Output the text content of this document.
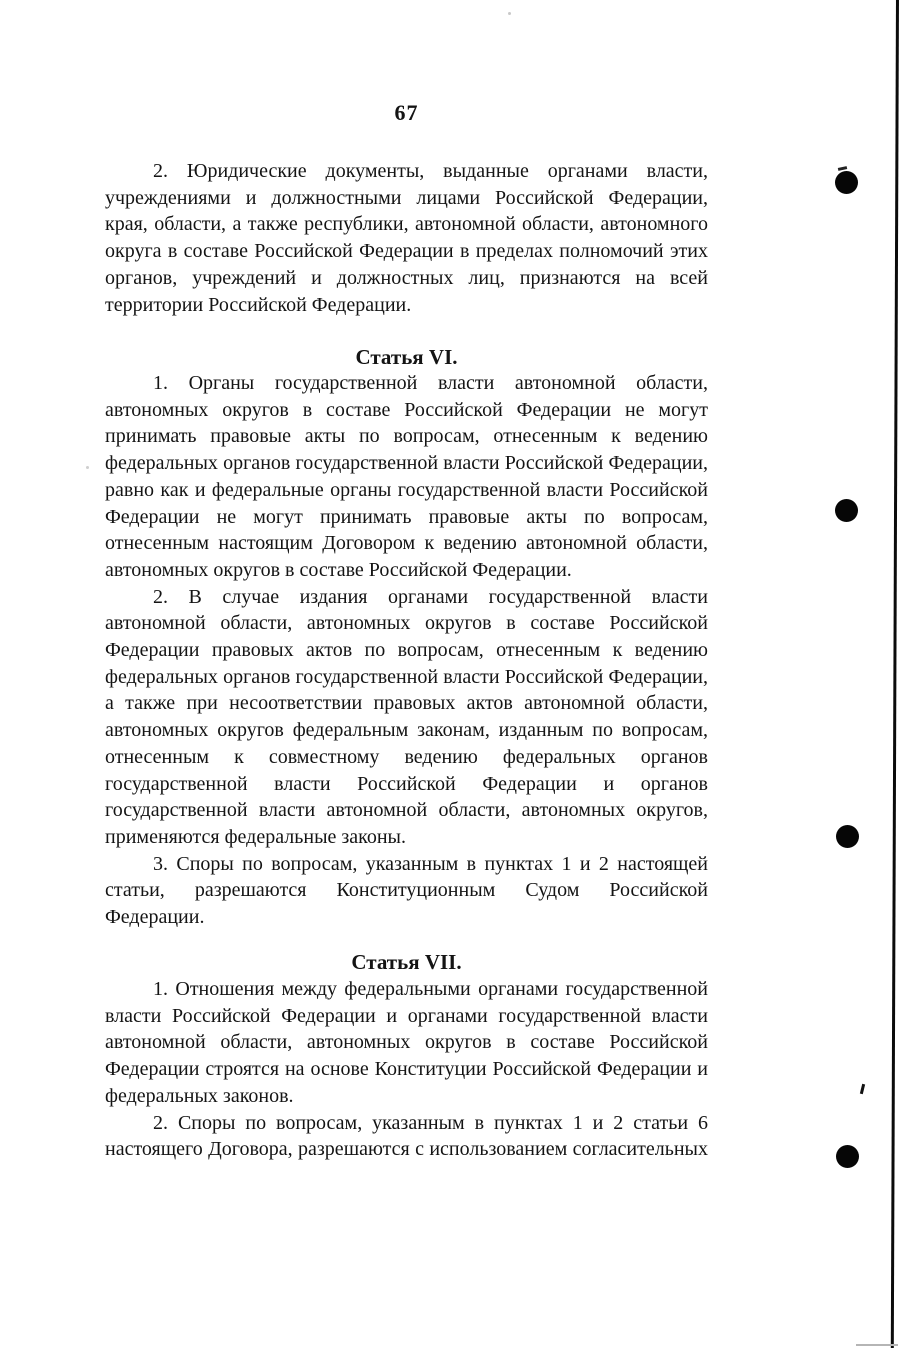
67
2. Юридические документы, выданные органами власти,
учреждениями и должностными лицами Российской Федерации,
края, области, а также республики, автономной области, автономного
округа в составе Российской Федерации в пределах полномочий этих
органов, учреждений и должностных лиц, признаются на всей
территории Российской Федерации.
Статья VI.
1. Органы государственной власти автономной области,
автономных округов в составе Российской Федерации не могут
принимать правовые акты по вопросам, отнесенным к ведению
федеральных органов государственной власти Российской Федерации,
равно как и федеральные органы государственной власти Российской
Федерации не могут принимать правовые акты по вопросам,
отнесенным настоящим Договором к ведению автономной области,
автономных округов в составе Российской Федерации.
2. В случае издания органами государственной власти
автономной области, автономных округов в составе Российской
Федерации правовых актов по вопросам, отнесенным к ведению
федеральных органов государственной власти Российской Федерации,
а также при несоответствии правовых актов автономной области,
автономных округов федеральным законам, изданным по вопросам,
отнесенным к совместному ведению федеральных органов
государственной власти Российской Федерации и органов
государственной власти автономной области, автономных округов,
применяются федеральные законы.
3. Споры по вопросам, указанным в пунктах 1 и 2 настоящей
статьи, разрешаются Конституционным Судом Российской
Федерации.
Статья VII.
1. Отношения между федеральными органами государственной
власти Российской Федерации и органами государственной власти
автономной области, автономных округов в составе Российской
Федерации строятся на основе Конституции Российской Федерации и
федеральных законов.
2. Споры по вопросам, указанным в пунктах 1 и 2 статьи 6
настоящего Договора, разрешаются с использованием согласительных
